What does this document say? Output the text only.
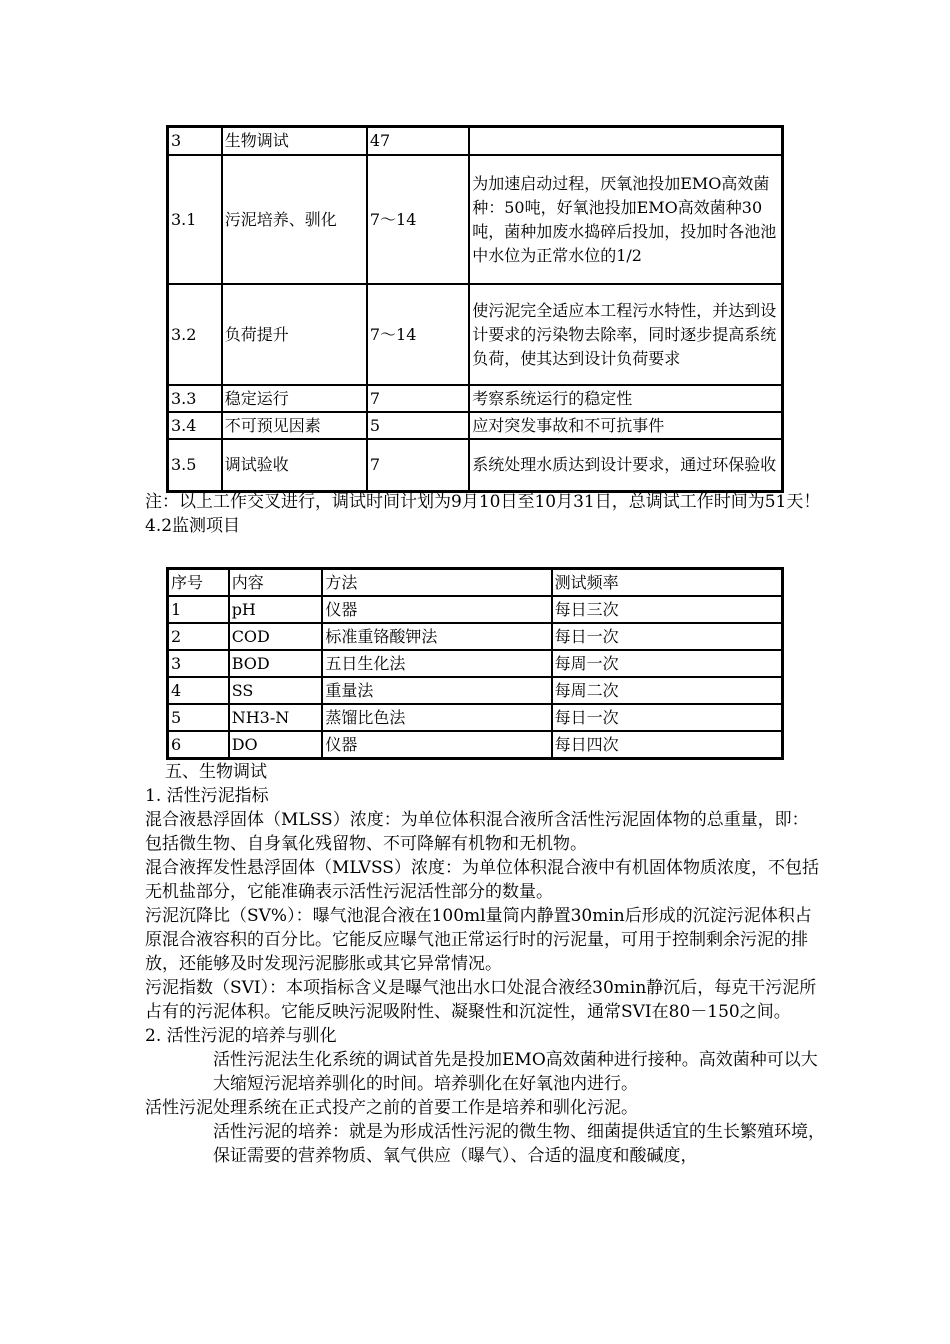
3	生物调试	47	
3.1	污泥培养、驯化	7～14	为加速启动过程，厌氧池投加EMO高效菌种：50吨，好氧池投加EMO高效菌种30吨，菌种加废水捣碎后投加，投加时各池池中水位为正常水位的1/2
3.2	负荷提升	7～14	使污泥完全适应本工程污水特性，并达到设计要求的污染物去除率，同时逐步提高系统负荷，使其达到设计负荷要求
3.3	稳定运行	7	考察系统运行的稳定性
3.4	不可预见因素	5	应对突发事故和不可抗事件
3.5	调试验收	7	系统处理水质达到设计要求，通过环保验收

注：以上工作交叉进行，调试时间计划为9月10日至10月31日，总调试工作时间为51天！

4.2监测项目

序号	内容	方法	测试频率
1	pH	仪器	每日三次
2	COD	标准重铬酸钾法	每日一次
3	BOD	五日生化法	每周一次
4	SS	重量法	每周二次
5	NH3-N	蒸馏比色法	每日一次
6	DO	仪器	每日四次

五、生物调试

1. 活性污泥指标

混合液悬浮固体（MLSS）浓度：为单位体积混合液所含活性污泥固体物的总重量，即：包括微生物、自身氧化残留物、不可降解有机物和无机物。

混合液挥发性悬浮固体（MLVSS）浓度：为单位体积混合液中有机固体物质浓度，不包括无机盐部分，它能准确表示活性污泥活性部分的数量。

污泥沉降比（SV%）：曝气池混合液在100ml量筒内静置30min后形成的沉淀污泥体积占原混合液容积的百分比。它能反应曝气池正常运行时的污泥量，可用于控制剩余污泥的排放，还能够及时发现污泥膨胀或其它异常情况。

污泥指数（SVI）：本项指标含义是曝气池出水口处混合液经30min静沉后，每克干污泥所占有的污泥体积。它能反映污泥吸附性、凝聚性和沉淀性，通常SVI在80－150之间。

2. 活性污泥的培养与驯化

活性污泥法生化系统的调试首先是投加EMO高效菌种进行接种。高效菌种可以大大缩短污泥培养驯化的时间。培养驯化在好氧池内进行。

活性污泥处理系统在正式投产之前的首要工作是培养和驯化污泥。

活性污泥的培养：就是为形成活性污泥的微生物、细菌提供适宜的生长繁殖环境，保证需要的营养物质、氧气供应（曝气）、合适的温度和酸碱度，
